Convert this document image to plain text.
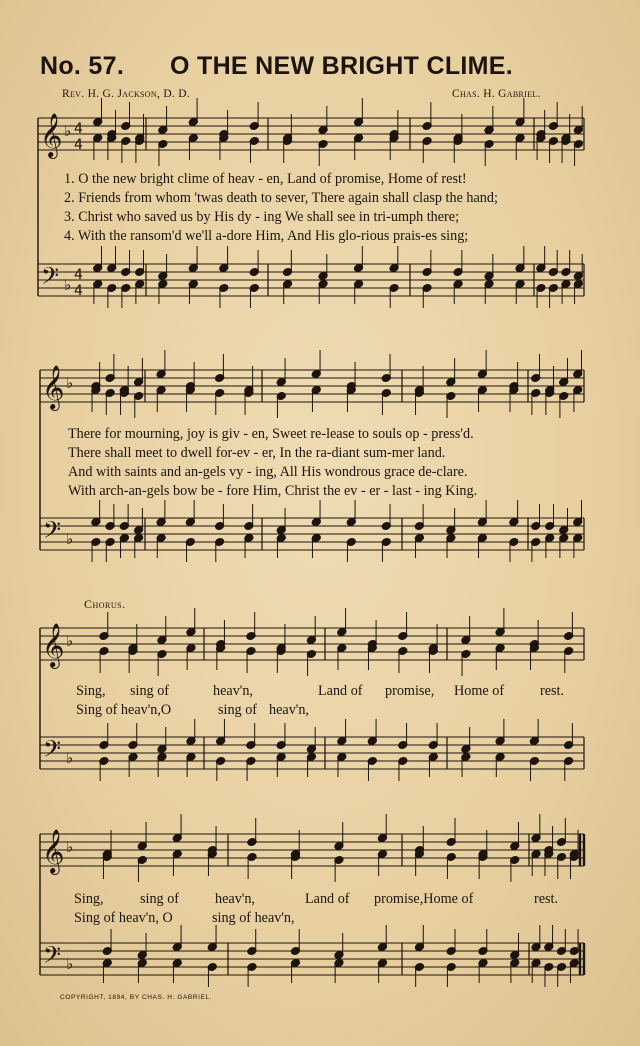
No. 57. O THE NEW BRIGHT CLIME.
Rev. H. G. Jackson, D. D.	Chas. H. Gabriel.
𝄞
𝄢
♭
♭
4
4
4
4
𝄞
𝄢
♭
♭
𝄞
𝄢
♭
♭
𝄞
𝄢
♭
♭
1. O the new bright clime of heav - en, Land of promise, Home of rest!
2. Friends from whom 'twas death to sever, There again shall clasp the hand;
3. Christ who saved us by His dy - ing We shall see in tri-umph there;
4. With the ransom'd we'll a-dore Him, And His glo-rious prais-es sing;
There for mourning, joy is giv - en, Sweet re-lease to souls op - press'd.
There shall meet to dwell for-ev - er, In the ra-diant sum-mer land.
And with saints and an-gels vy - ing, All His wondrous grace de-clare.
With arch-an-gels bow be - fore Him, Christ the ev - er - last - ing King.
Chorus.
Sing, sing of	heav'n,	Land of promise, Home of	rest.
Sing of heav'n,O	sing of heav'n,
Sing,	sing of	heav'n,	Land of promise,Home of	rest.
Sing of heav'n, O	sing of heav'n,
COPYRIGHT, 1894, BY CHAS. H. GABRIEL.
